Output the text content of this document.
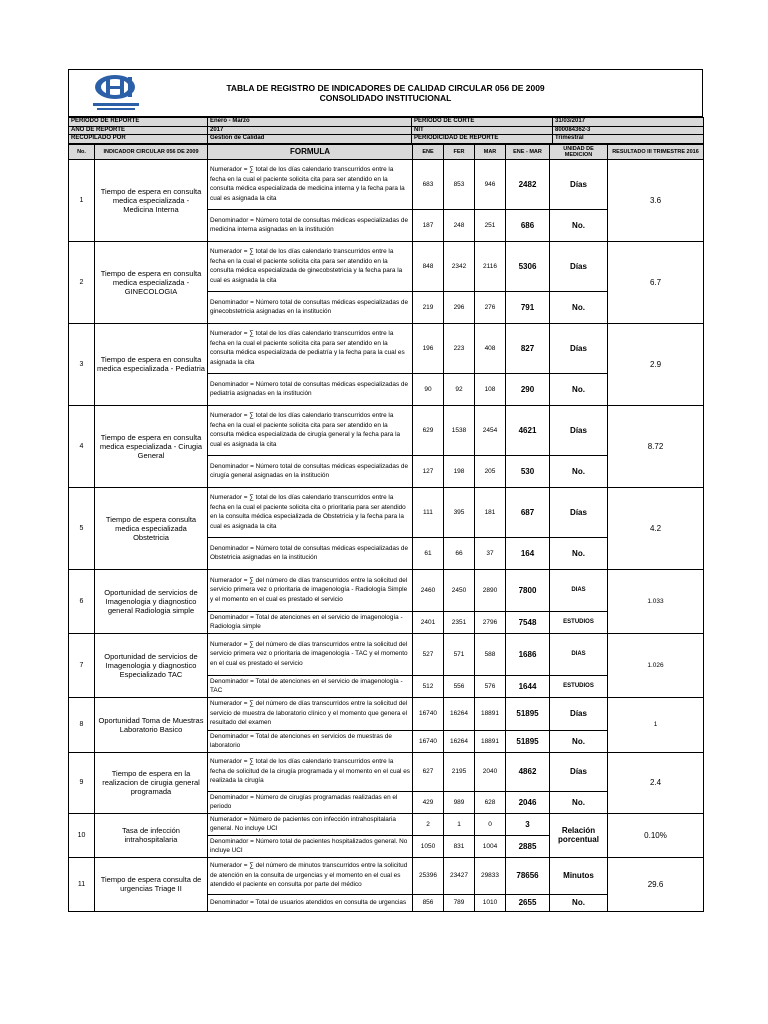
TABLA DE REGISTRO DE INDICADORES DE CALIDAD CIRCULAR 056 DE 2009
CONSOLIDADO INSTITUCIONAL
PERIODO DE REPORTE	Enero - Marzo	PERIODO DE CORTE	31/03/2017
AÑO DE REPORTE	2017	NIT	800084362-3
RECOPILADO POR	Gestión de Calidad	PERIODICIDAD DE REPORTE	Trimestral
No.	INDICADOR CIRCULAR 056 DE 2009	FORMULA	ENE	FER	MAR	ENE - MAR	UNIDAD DE MEDICION	RESULTADO III TRIMESTRE 2016
1	Tiempo de espera en consulta medica especializada - Medicina Interna	Numerador = ∑ total de los días calendario transcurridos entre la fecha en la cual el paciente solicita cita para ser atendido en la consulta médica especializada de medicina interna y la fecha para la cual es asignada la cita	683	853	946	2482	Días	3.6
		Denominador = Número total de consultas médicas especializadas de medicina interna asignadas en la institución	187	248	251	686	No.	
2	Tiempo de espera en consulta medica especializada - GINECOLOGIA	Numerador = ∑ total de los días calendario transcurridos entre la fecha en la cual el paciente solicita cita para ser atendido en la consulta médica especializada de ginecobstetricia y la fecha para la cual es asignada la cita	848	2342	2116	5306	Días	6.7
		Denominador = Número total de consultas médicas especializadas de ginecobstetricia asignadas en la institución	219	296	276	791	No.	
3	Tiempo de espera en consulta medica especializada - Pediatria	Numerador = ∑ total de los días calendario transcurridos entre la fecha en la cual el paciente solicita cita para ser atendido en la consulta médica especializada de pediatría y la fecha para la cual es asignada la cita	196	223	408	827	Días	2.9
		Denominador = Número total de consultas médicas especializadas de pediatría asignadas en la institución	90	92	108	290	No.	
4	Tiempo de espera en consulta medica especializada - Cirugia General	Numerador = ∑ total de los días calendario transcurridos entre la fecha en la cual el paciente solicita cita para ser atendido en la consulta médica especializada de cirugía general y la fecha para la cual es asignada la cita	629	1538	2454	4621	Días	8.72
		Denominador = Número total de consultas médicas especializadas de cirugía general asignadas en la institución	127	198	205	530	No.	
5	Tiempo de espera consulta medica especializada Obstetricia	Numerador = ∑ total de los días calendario transcurridos entre la fecha en la cual el paciente solicita cita o prioritaria para ser atendido en la consulta médica especializada de Obstetricia y la fecha para la cual es asignada la cita	111	395	181	687	Días	4.2
		Denominador = Número total de consultas médicas especializadas de Obstetricia asignadas en la institución	61	66	37	164	No.	
6	Oportunidad de servicios de Imagenologia y diagnostico general Radiologia simple	Numerador = ∑ del número de días transcurridos entre la solicitud del servicio primera vez o prioritaria de imagenología - Radiología Simple y el momento en el cual es prestado el servicio	2460	2450	2890	7800	DIAS	1.033
		Denominador = Total de atenciones en el servicio de imagenología - Radiología simple	2401	2351	2796	7548	ESTUDIOS	
7	Oportunidad de servicios de Imagenologia y diagnostico Especializado TAC	Numerador = ∑ del número de días transcurridos entre la solicitud del servicio primera vez o prioritaria de imagenología - TAC y el momento en el cual es prestado el servicio	527	571	588	1686	DIAS	1.026
		Denominador = Total de atenciones en el servicio de imagenología - TAC	512	556	576	1644	ESTUDIOS	
8	Oportunidad Toma de Muestras Laboratorio Basico	Numerador = ∑ del número de días transcurridos entre la solicitud del servicio de muestra de laboratorio clínico y el momento que genera el resultado del examen	16740	16264	18891	51895	Días	1
		Denominador = Total de atenciones en servicios de muestras de laboratorio	16740	16264	18891	51895	No.	
9	Tiempo de espera en la realizacion de cirugia general programada	Numerador = ∑ total de los días calendario transcurridos entre la fecha de solicitud de la cirugía programada y el momento en el cual es realizada la cirugía	627	2195	2040	4862	Días	2.4
		Denominador = Número de cirugías programadas realizadas en el periodo	429	989	628	2046	No.	
10	Tasa de infección intrahospitalaria	Numerador = Número de pacientes con infección intrahospitalaria general. No incluye UCI	2	1	0	3	Relación porcentual	0.10%
		Denominador = Número total de pacientes hospitalizados general. No incluye UCI	1050	831	1004	2885		
11	Tiempo de espera consulta de urgencias Triage II	Numerador = ∑ del número de minutos transcurridos entre la solicitud de atención en la consulta de urgencias y el momento en el cual es atendido el paciente en consulta por parte del médico	25396	23427	29833	78656	Minutos	29.6
		Denominador = Total de usuarios atendidos en consulta de urgencias	856	789	1010	2655	No.	
